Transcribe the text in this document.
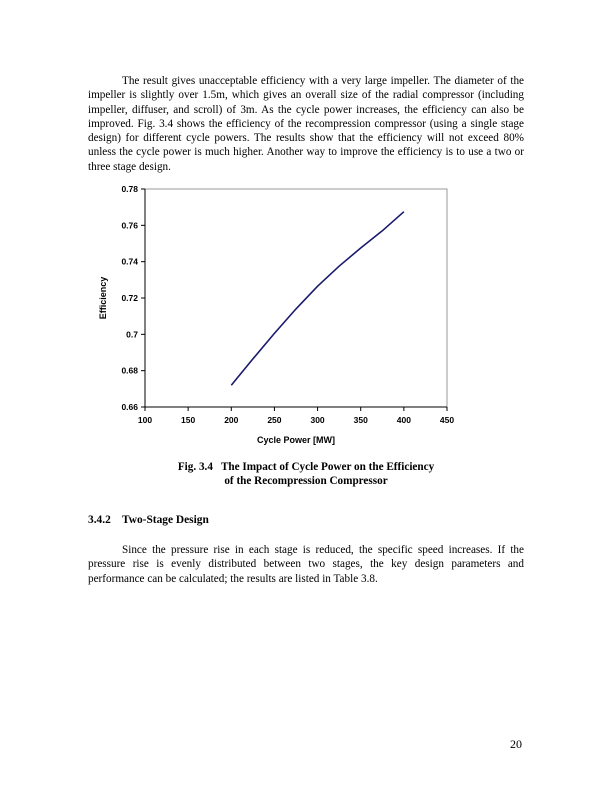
The result gives unacceptable efficiency with a very large impeller. The diameter of the impeller is slightly over 1.5m, which gives an overall size of the radial compressor (including impeller, diffuser, and scroll) of 3m. As the cycle power increases, the efficiency can also be improved. Fig. 3.4 shows the efficiency of the recompression compressor (using a single stage design) for different cycle powers. The results show that the efficiency will not exceed 80% unless the cycle power is much higher. Another way to improve the efficiency is to use a two or three stage design.

0.66
0.68
0.7
0.72
0.74
0.76
0.78
100	150	200	250	300	350	400	450
Cycle Power [MW]
Efficiency
Fig. 3.4 The Impact of Cycle Power on the Efficiency
of the Recompression Compressor
3.4.2 Two-Stage Design

Since the pressure rise in each stage is reduced, the specific speed increases. If the pressure rise is evenly distributed between two stages, the key design parameters and performance can be calculated; the results are listed in Table 3.8.

20
